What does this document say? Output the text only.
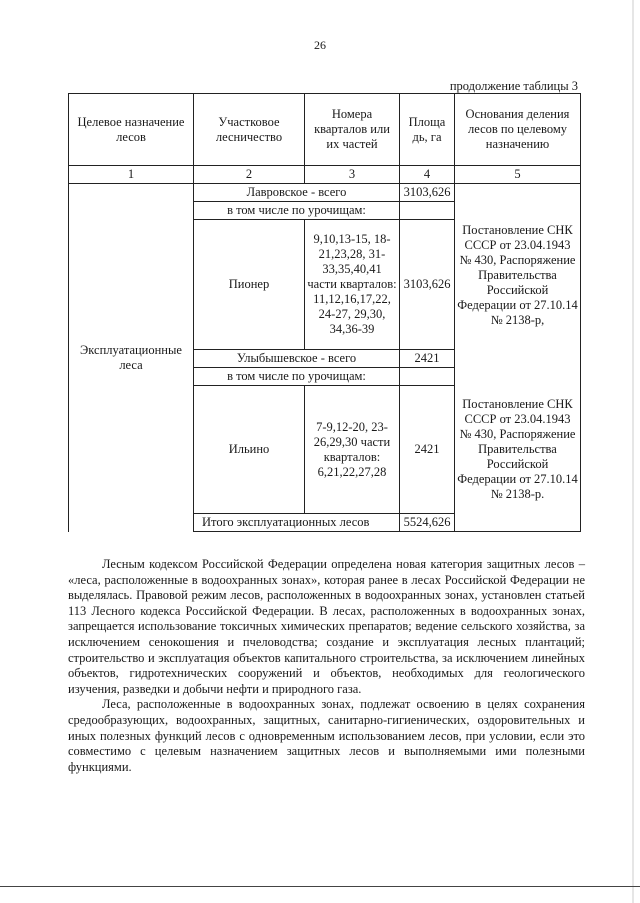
26
продолжение таблицы 3
Целевое назначение лесов	Участковое лесничество	Номера кварталов или их частей	Площа дь, га	Основания деления лесов по целевому назначению
1	2	3	4	5
Эксплуатационные леса	Лавровское - всего		3103,626	Постановление СНК СССР от 23.04.1943 № 430, Распоряжение Правительства Российской Федерации от 27.10.14 № 2138-р,
	в том числе по урочищам:			
	Пионер	9,10,13-15, 18-21,23,28, 31-33,35,40,41 части кварталов: 11,12,16,17,22, 24-27, 29,30, 34,36-39	3103,626	
	Улыбышевское - всего		2421	
	в том числе по урочищам:			Постановление СНК СССР от 23.04.1943 № 430, Распоряжение Правительства Российской Федерации от 27.10.14 № 2138-р.
	Ильино	7-9,12-20, 23-26,29,30 части кварталов: 6,21,22,27,28	2421	
	Итого эксплуатационных лесов		5524,626	

Лесным кодексом Российской Федерации определена новая категория защитных лесов – «леса, расположенные в водоохранных зонах», которая ранее в лесах Российской Федерации не выделялась. Правовой режим лесов, расположенных в водоохранных зонах, установлен статьей 113 Лесного кодекса Российской Федерации. В лесах, расположенных в водоохранных зонах, запрещается использование токсичных химических препаратов; ведение сельского хозяйства, за исключением сенокошения и пчеловодства; создание и эксплуатация лесных плантаций; строительство и эксплуатация объектов капитального строительства, за исключением линейных объектов, гидротехнических сооружений и объектов, необходимых для геологического изучения, разведки и добычи нефти и природного газа.

Леса, расположенные в водоохранных зонах, подлежат освоению в целях сохранения средообразующих, водоохранных, защитных, санитарно-гигиенических, оздоровительных и иных полезных функций лесов с одновременным использованием лесов, при условии, если это совместимо с целевым назначением защитных лесов и выполняемыми ими полезными функциями.
